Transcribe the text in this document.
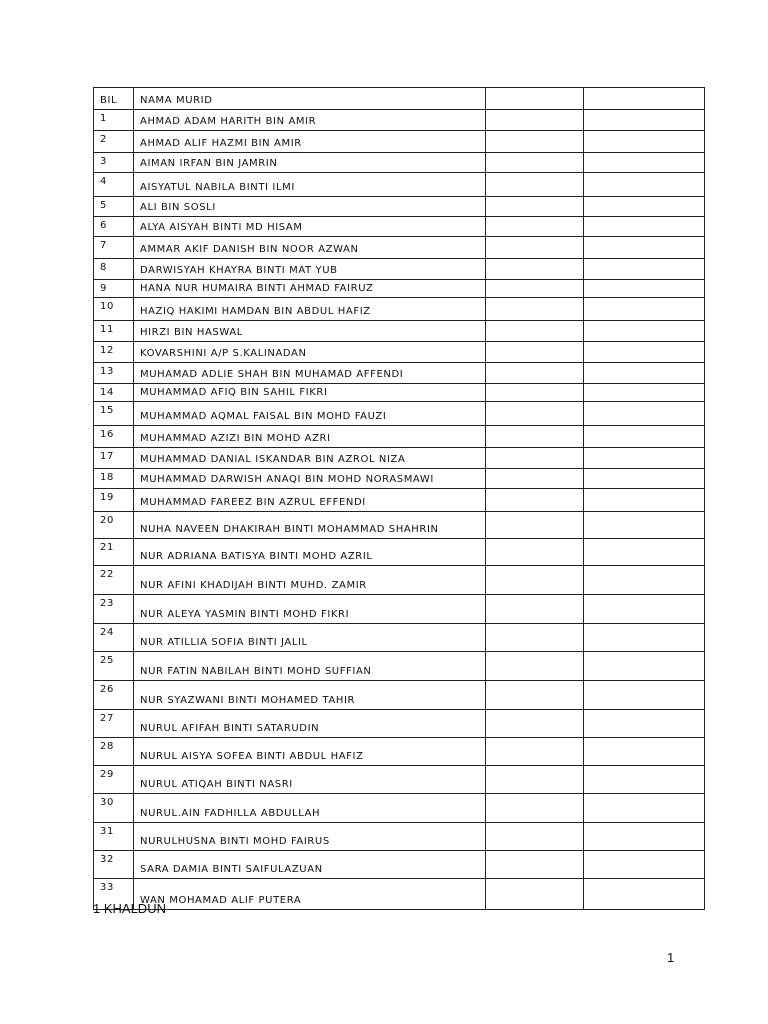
BIL	NAMA MURID		
1	AHMAD ADAM HARITH BIN AMIR		
2	AHMAD ALIF HAZMI BIN AMIR		
3	AIMAN IRFAN BIN JAMRIN		
4	AISYATUL NABILA BINTI ILMI		
5	ALI BIN SOSLI		
6	ALYA AISYAH BINTI MD HISAM		
7	AMMAR AKIF DANISH BIN NOOR AZWAN		
8	DARWISYAH KHAYRA BINTI MAT YUB		
9	HANA NUR HUMAIRA BINTI AHMAD FAIRUZ		
10	HAZIQ HAKIMI HAMDAN BIN ABDUL HAFIZ		
11	HIRZI BIN HASWAL		
12	KOVARSHINI A/P S.KALINADAN		
13	MUHAMAD ADLIE SHAH BIN MUHAMAD AFFENDI		
14	MUHAMMAD AFIQ BIN SAHIL FIKRI		
15	MUHAMMAD AQMAL FAISAL BIN MOHD FAUZI		
16	MUHAMMAD AZIZI BIN MOHD AZRI		
17	MUHAMMAD DANIAL ISKANDAR BIN AZROL NIZA		
18	MUHAMMAD DARWISH ANAQI BIN MOHD NORASMAWI		
19	MUHAMMAD FAREEZ BIN AZRUL EFFENDI		
20	NUHA NAVEEN DHAKIRAH BINTI MOHAMMAD SHAHRIN		
21	NUR ADRIANA BATISYA BINTI MOHD AZRIL		
22	NUR AFINI KHADIJAH BINTI MUHD. ZAMIR		
23	NUR ALEYA YASMIN BINTI MOHD FIKRI		
24	NUR ATILLIA SOFIA BINTI JALIL		
25	NUR FATIN NABILAH BINTI MOHD SUFFIAN		
26	NUR SYAZWANI BINTI MOHAMED TAHIR		
27	NURUL AFIFAH BINTI SATARUDIN		
28	NURUL AISYA SOFEA BINTI ABDUL HAFIZ		
29	NURUL ATIQAH BINTI NASRI		
30	NURUL.AIN FADHILLA ABDULLAH		
31	NURULHUSNA BINTI MOHD FAIRUS		
32	SARA DAMIA BINTI SAIFULAZUAN		
33	WAN MOHAMAD ALIF PUTERA		
1 KHALDUN
1
